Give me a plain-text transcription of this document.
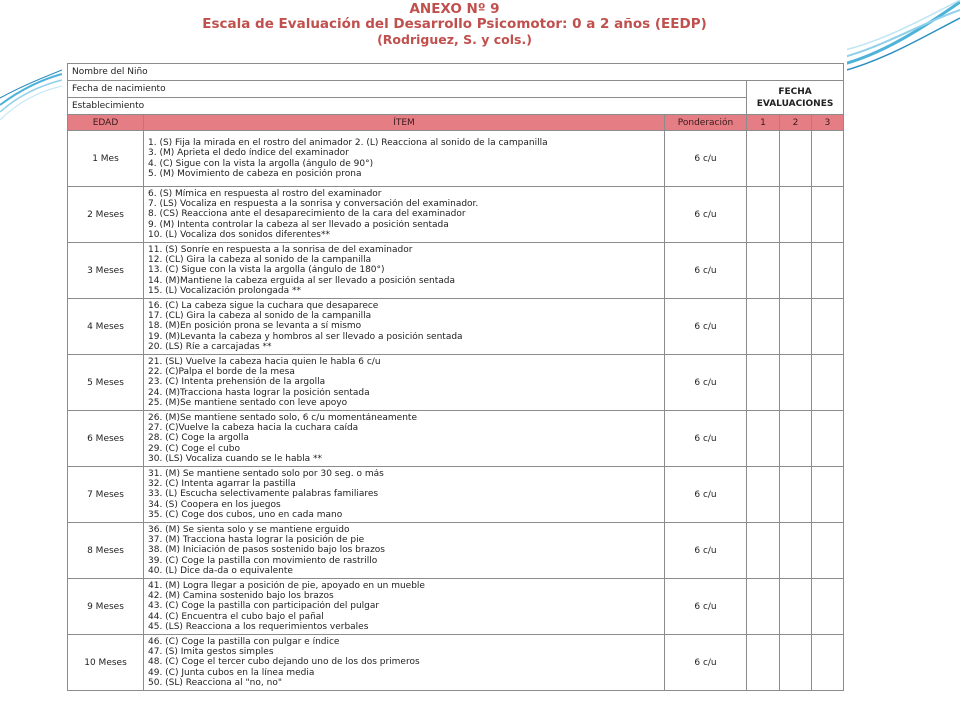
ANEXO Nº 9
Escala de Evaluación del Desarrollo Psicomotor: 0 a 2 años (EEDP)
(Rodriguez, S. y cols.)
Nombre del Niño					
Fecha de nacimiento			FECHA
EVALUACIONES		

Establecimiento					
EDAD	ÍTEM	Ponderación	1	2	3
1 Mes	1. (S) Fija la mirada en el rostro del animador 2. (L) Reacciona al sonido de la campanilla
3. (M) Aprieta el dedo índice del examinador
4. (C) Sigue con la vista la argolla (ángulo de 90°)
5. (M) Movimiento de cabeza en posición prona	6 c/u			
2 Meses	6. (S) Mímica en respuesta al rostro del examinador
7. (LS) Vocaliza en respuesta a la sonrisa y conversación del examinador.
8. (CS) Reacciona ante el desaparecimiento de la cara del examinador
9. (M) Intenta controlar la cabeza al ser llevado a posición sentada
10. (L) Vocaliza dos sonidos diferentes**	6 c/u			
3 Meses	11. (S) Sonríe en respuesta a la sonrisa de del examinador
12. (CL) Gira la cabeza al sonido de la campanilla
13. (C) Sigue con la vista la argolla (ángulo de 180°)
14. (M)Mantiene la cabeza erguida al ser llevado a posición sentada
15. (L) Vocalización prolongada **	6 c/u			
4 Meses	16. (C) La cabeza sigue la cuchara que desaparece
17. (CL) Gira la cabeza al sonido de la campanilla
18. (M)En posición prona se levanta a sí mismo
19. (M)Levanta la cabeza y hombros al ser llevado a posición sentada
20. (LS) Ríe a carcajadas **	6 c/u			
5 Meses	21. (SL) Vuelve la cabeza hacia quien le habla 6 c/u
22. (C)Palpa el borde de la mesa
23. (C) Intenta prehensión de la argolla
24. (M)Tracciona hasta lograr la posición sentada
25. (M)Se mantiene sentado con leve apoyo	6 c/u			
6 Meses	26. (M)Se mantiene sentado solo, 6 c/u momentáneamente
27. (C)Vuelve la cabeza hacia la cuchara caída
28. (C) Coge la argolla
29. (C) Coge el cubo
30. (LS) Vocaliza cuando se le habla **	6 c/u			
7 Meses	31. (M) Se mantiene sentado solo por 30 seg. o más
32. (C) Intenta agarrar la pastilla
33. (L) Escucha selectivamente palabras familiares
34. (S) Coopera en los juegos
35. (C) Coge dos cubos, uno en cada mano	6 c/u			
8 Meses	36. (M) Se sienta solo y se mantiene erguido
37. (M) Tracciona hasta lograr la posición de pie
38. (M) Iniciación de pasos sostenido bajo los brazos
39. (C) Coge la pastilla con movimiento de rastrillo
40. (L) Dice da-da o equivalente	6 c/u			
9 Meses	41. (M) Logra llegar a posición de pie, apoyado en un mueble
42. (M) Camina sostenido bajo los brazos
43. (C) Coge la pastilla con participación del pulgar
44. (C) Encuentra el cubo bajo el pañal
45. (LS) Reacciona a los requerimientos verbales	6 c/u			
10 Meses	46. (C) Coge la pastilla con pulgar e índice
47. (S) Imita gestos simples
48. (C) Coge el tercer cubo dejando uno de los dos primeros
49. (C) Junta cubos en la línea media
50. (SL) Reacciona al "no, no"	6 c/u			
